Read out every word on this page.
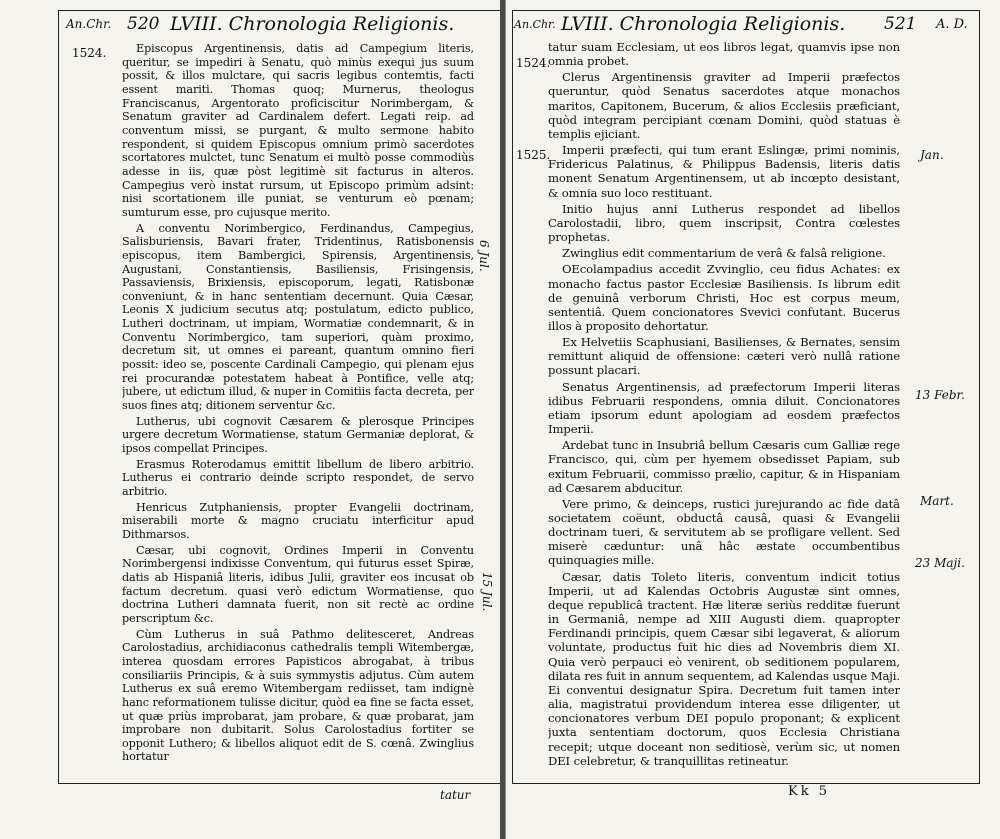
An.Chr. 520 LVIII. Chronologia Religionis.
1524.
6 Jul.
15 Jul.

Episcopus Argentinensis, datis ad Campegium literis, queritur, se impediri à Senatu, quò minùs exequi jus suum possit, & illos mulctare, qui sacris legibus contemtis, facti essent mariti. Thomas quoq; Murnerus, theologus Franciscanus, Argentorato proficiscitur Norimbergam, & Senatum graviter ad Cardinalem defert. Legati reip. ad conventum missi, se purgant, & multo sermone habito respondent, si quidem Episcopus omnium primò sacerdotes scortatores mulctet, tunc Senatum ei multò posse commodiùs adesse in iis, quæ pòst legitimè sit facturus in alteros. Campegius verò instat rursum, ut Episcopo primùm adsint: nisi scortationem ille puniat, se venturum eò pœnam; sumturum esse, pro cujusque merito.

A conventu Norimbergico, Ferdinandus, Campegius, Salisburiensis, Bavari frater, Tridentinus, Ratisbonensis episcopus, item Bambergici, Spirensis, Argentinensis, Augustani, Constantiensis, Basiliensis, Frisingensis, Passaviensis, Brixiensis, episcoporum, legati, Ratisbonæ conveniunt, & in hanc sententiam decernunt. Quia Cæsar, Leonis X judicium secutus atq; postulatum, edicto publico, Lutheri doctrinam, ut impiam, Wormatiæ condemnarit, & in Conventu Norimbergico, tam superiori, quàm proximo, decretum sit, ut omnes ei pareant, quantum omnino fieri possit: ideo se, poscente Cardinali Campegio, qui plenam ejus rei procurandæ potestatem habeat à Pontifice, velle atq; jubere, ut edictum illud, & nuper in Comitiis facta decreta, per suos fines atq; ditionem serventur &c.

Lutherus, ubi cognovit Cæsarem & plerosque Principes urgere decretum Wormatiense, statum Germaniæ deplorat, & ipsos compellat Principes.

Erasmus Roterodamus emittit libellum de libero arbitrio. Lutherus ei contrario deinde scripto respondet, de servo arbitrio.

Henricus Zutphaniensis, propter Evangelii doctrinam, miserabili morte & magno cruciatu interficitur apud Dithmarsos.

Cæsar, ubi cognovit, Ordines Imperii in Conventu Norimbergensi indixisse Conventum, qui futurus esset Spiræ, datis ab Hispaniâ literis, idibus Julii, graviter eos incusat ob factum decretum. quasi verò edictum Wormatiense, quo doctrina Lutheri damnata fuerit, non sit rectè ac ordine perscriptum &c.

Cùm Lutherus in suâ Pathmo delitesceret, Andreas Carolostadius, archidiaconus cathedralis templi Witembergæ, interea quosdam errores Papisticos abrogabat, à tribus consiliariis Principis, & à suis symmystis adjutus. Cùm autem Lutherus ex suâ eremo Witembergam rediisset, tam indignè hanc reformationem tulisse dicitur, quòd ea fine se facta esset, ut quæ priùs improbarat, jam probare, & quæ probarat, jam improbare non dubitarit. Solus Carolostadius fortiter se opponit Luthero; & libellos aliquot edit de S. cœnâ. Zwinglius hortatur

tatur
An.Chr. LVIII. Chronologia Religionis. 521 A. D.
1524.
1525.	Jan.
13 Febr.
Mart.
23 Maji.

tatur suam Ecclesiam, ut eos libros legat, quamvis ipse non omnia probet.

Clerus Argentinensis graviter ad Imperii præfectos queruntur, quòd Senatus sacerdotes atque monachos maritos, Capitonem, Bucerum, & alios Ecclesiis præficiant, quòd integram percipiant cœnam Domini, quòd statuas è templis ejiciant.

Imperii præfecti, qui tum erant Eslingæ, primi nominis, Fridericus Palatinus, & Philippus Badensis, literis datis monent Senatum Argentinensem, ut ab incœpto desistant, & omnia suo loco restituant.

Initio hujus anni Lutherus respondet ad libellos Carolostadii, libro, quem inscripsit, Contra cœlestes prophetas.

Zwinglius edit commentarium de verâ & falsâ religione.

OEcolampadius accedit Zvvinglio, ceu fidus Achates: ex monacho factus pastor Ecclesiæ Basiliensis. Is librum edit de genuinâ verborum Christi, Hoc est corpus meum, sententiâ. Quem concionatores Svevici confutant. Bucerus illos à proposito dehortatur.

Ex Helvetiis Scaphusiani, Basilienses, & Bernates, sensim remittunt aliquid de offensione: cæteri verò nullâ ratione possunt placari.

Senatus Argentinensis, ad præfectorum Imperii literas idibus Februarii respondens, omnia diluit. Concionatores etiam ipsorum edunt apologiam ad eosdem præfectos Imperii.

Ardebat tunc in Insubriâ bellum Cæsaris cum Galliæ rege Francisco, qui, cùm per hyemem obsedisset Papiam, sub exitum Februarii, commisso prælio, capitur, & in Hispaniam ad Cæsarem abducitur.

Vere primo, & deinceps, rustici jurejurando ac fide datâ societatem coëunt, obductâ causâ, quasi & Evangelii doctrinam tueri, & servitutem ab se profligare vellent. Sed miserè cæduntur: unâ hâc æstate occumbentibus quinquagies mille.

Cæsar, datis Toleto literis, conventum indicit totius Imperii, ut ad Kalendas Octobris Augustæ sint omnes, deque republicâ tractent. Hæ literæ seriùs redditæ fuerunt in Germaniâ, nempe ad XIII Augusti diem. quapropter Ferdinandi principis, quem Cæsar sibi legaverat, & aliorum voluntate, productus fuit hic dies ad Novembris diem XI. Quia verò perpauci eò venirent, ob seditionem popularem, dilata res fuit in annum sequentem, ad Kalendas usque Maji. Ei conventui designatur Spira. Decretum fuit tamen inter alia, magistratui providendum interea esse diligenter, ut concionatores verbum DEI populo proponant; & explicent juxta sententiam doctorum, quos Ecclesia Christiana recepit; utque doceant non seditiosè, verùm sic, ut nomen DEI celebretur, & tranquillitas retineatur.

Kk 5
